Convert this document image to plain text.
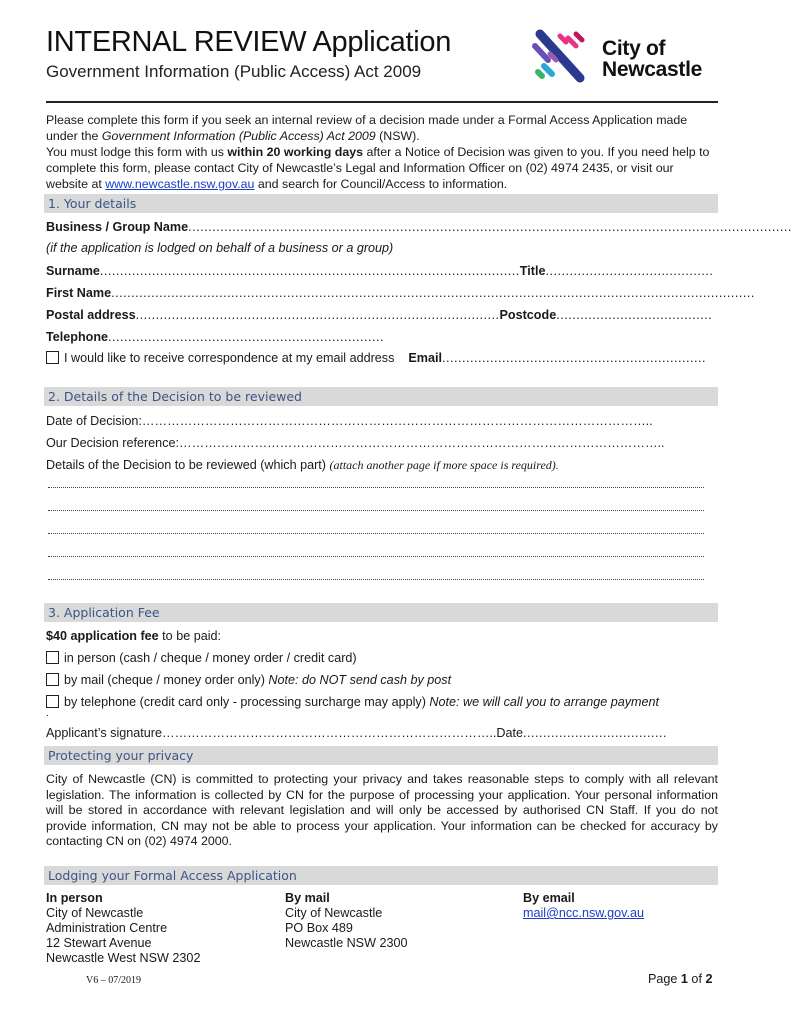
INTERNAL REVIEW Application
Government Information (Public Access) Act 2009
City of
Newcastle
Please complete this form if you seek an internal review of a decision made under a Formal Access Application made under the Government Information (Public Access) Act 2009 (NSW).
You must lodge this form with us within 20 working days after a Notice of Decision was given to you. If you need help to complete this form, please contact City of Newcastle’s Legal and Information Officer on (02) 4974 2435, or visit our website at www.newcastle.nsw.gov.au and search for Council/Access to information.
1. Your details
Business / Group Name.......................................................................................................................................................
(if the application is lodged on behalf of a business or a group)
Surname.........................................................................................................Title..........................................
First Name.................................................................................................................................................................
Postal address...........................................................................................Postcode.......................................
Telephone.....................................................................
I would like to receive correspondence at my email address Email..................................................................
2. Details of the Decision to be reviewed
Date of Decision:…………………………………………………………………………………………………………..
Our Decision reference:……………………………………………………………………………………………………..
Details of the Decision to be reviewed (which part) (attach another page if more space is required).
3. Application Fee
$40 application fee to be paid:
in person (cash / cheque / money order / credit card)
by mail (cheque / money order only) Note: do NOT send cash by post
by telephone (credit card only - processing surcharge may apply) Note: we will call you to arrange payment
.
Applicant’s signature……………………………………………………………………..Date....................................
Protecting your privacy
City of Newcastle (CN) is committed to protecting your privacy and takes reasonable steps to comply with all relevant legislation. The information is collected by CN for the purpose of processing your application. Your personal information will be stored in accordance with relevant legislation and will only be accessed by authorised CN Staff. If you do not provide information, CN may not be able to process your application. Your information can be checked for accuracy by contacting CN on (02) 4974 2000.
Lodging your Formal Access Application
In person
City of Newcastle
Administration Centre
12 Stewart Avenue
Newcastle West NSW 2302
By mail
City of Newcastle
PO Box 489
Newcastle NSW 2300
By email
mail@ncc.nsw.gov.au
V6 – 07/2019	Page 1 of 2
